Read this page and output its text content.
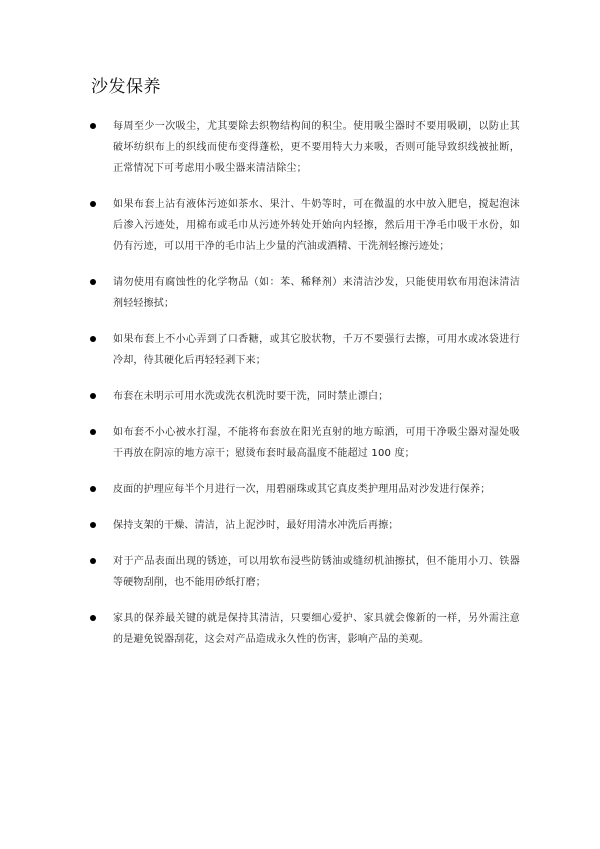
沙发保养
每周至少一次吸尘，尤其要除去织物结构间的积尘。使用吸尘器时不要用吸刷，以防止其破坏纺织布上的织线而使布变得蓬松，更不要用特大力来吸，否则可能导致织线被扯断，正常情况下可考虑用小吸尘器来清洁除尘；
如果布套上沾有液体污迹如茶水、果汁、牛奶等时，可在微温的水中放入肥皂，搅起泡沫后渗入污迹处，用棉布或毛巾从污迹外转处开始向内轻擦，然后用干净毛巾吸干水份，如仍有污迹，可以用干净的毛巾沾上少量的汽油或酒精、干洗剂轻擦污迹处；
请勿使用有腐蚀性的化学物品（如：苯、稀释剂）来清洁沙发，只能使用软布用泡沫清洁剂轻轻擦拭；
如果布套上不小心弄到了口香糖，或其它胶状物，千万不要强行去擦，可用水或冰袋进行冷却，待其硬化后再轻轻剥下来；
布套在未明示可用水洗或洗衣机洗时要干洗，同时禁止漂白；
如布套不小心被水打湿，不能将布套放在阳光直射的地方晾洒，可用干净吸尘器对湿处吸干再放在阴凉的地方凉干；慰烫布套时最高温度不能超过 100 度；
皮面的护理应每半个月进行一次，用碧丽珠或其它真皮类护理用品对沙发进行保养；
保持支架的干燥、清洁，沾上泥沙时，最好用清水冲洗后再擦；
对于产品表面出现的锈迹，可以用软布浸些防锈油或缝纫机油擦拭，但不能用小刀、铁器等硬物刮削，也不能用砂纸打磨；
家具的保养最关键的就是保持其清洁，只要细心爱护、家具就会像新的一样，另外需注意的是避免锐器刮花，这会对产品造成永久性的伤害，影响产品的美观。
